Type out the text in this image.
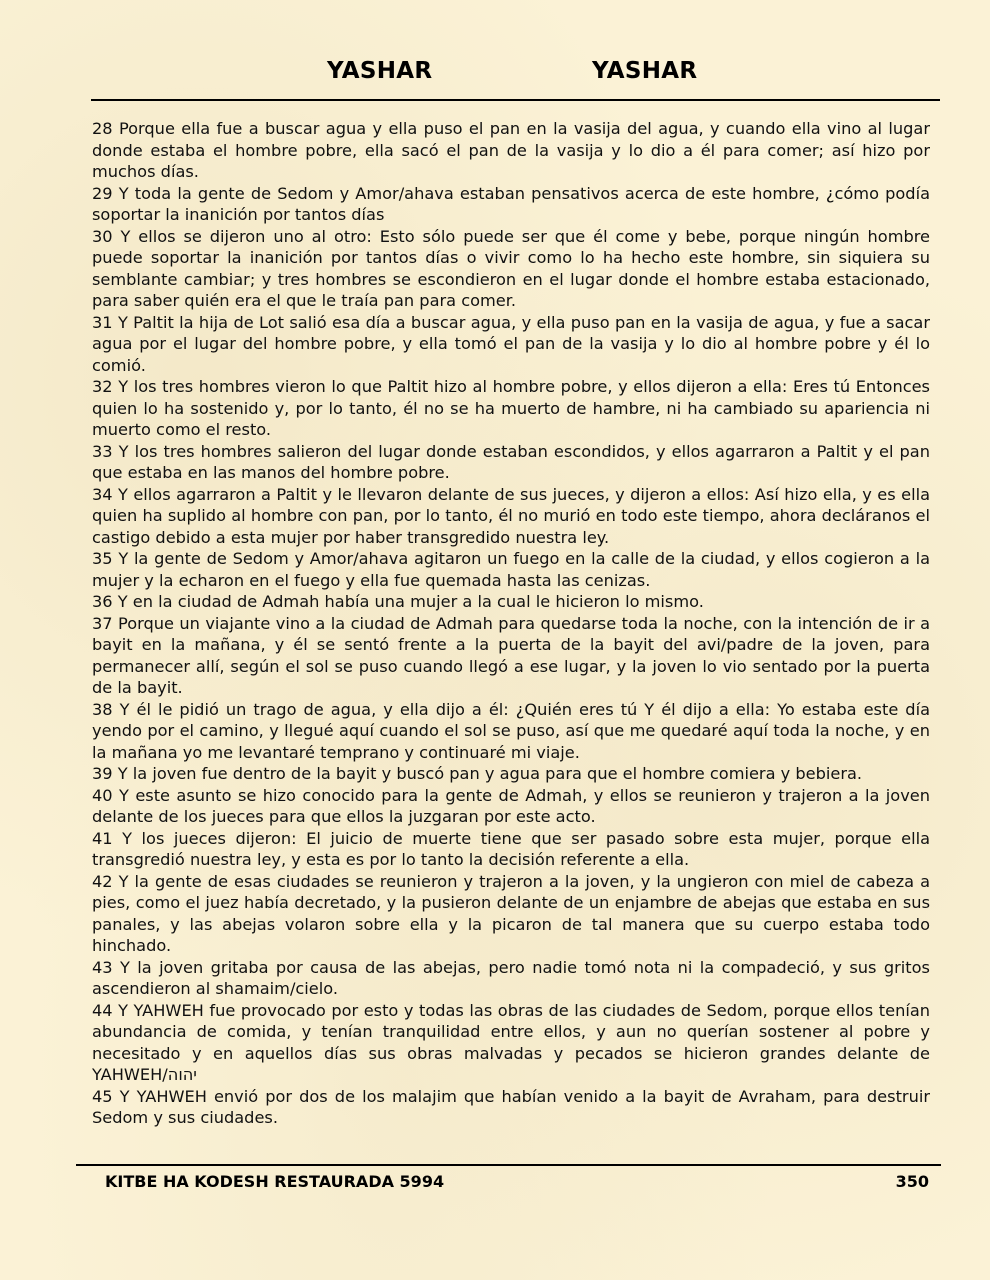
YASHAR	YASHAR

28 Porque ella fue a buscar agua y ella puso el pan en la vasija del agua, y cuando ella vino al lugar donde estaba el hombre pobre, ella sacó el pan de la vasija y lo dio a él para comer; así hizo por muchos días.

29 Y toda la gente de Sedom y Amor/ahava estaban pensativos acerca de este hombre, ¿cómo podía soportar la inanición por tantos días

30 Y ellos se dijeron uno al otro: Esto sólo puede ser que él come y bebe, porque ningún hombre puede soportar la inanición por tantos días o vivir como lo ha hecho este hombre, sin siquiera su semblante cambiar; y tres hombres se escondieron en el lugar donde el hombre estaba estacionado, para saber quién era el que le traía pan para comer.

31 Y Paltit la hija de Lot salió esa día a buscar agua, y ella puso pan en la vasija de agua, y fue a sacar agua por el lugar del hombre pobre, y ella tomó el pan de la vasija y lo dio al hombre pobre y él lo comió.

32 Y los tres hombres vieron lo que Paltit hizo al hombre pobre, y ellos dijeron a ella: Eres tú Entonces quien lo ha sostenido y, por lo tanto, él no se ha muerto de hambre, ni ha cambiado su apariencia ni muerto como el resto.

33 Y los tres hombres salieron del lugar donde estaban escondidos, y ellos agarraron a Paltit y el pan que estaba en las manos del hombre pobre.

34 Y ellos agarraron a Paltit y le llevaron delante de sus jueces, y dijeron a ellos: Así hizo ella, y es ella quien ha suplido al hombre con pan, por lo tanto, él no murió en todo este tiempo, ahora decláranos el castigo debido a esta mujer por haber transgredido nuestra ley.

35 Y la gente de Sedom y Amor/ahava agitaron un fuego en la calle de la ciudad, y ellos cogieron a la mujer y la echaron en el fuego y ella fue quemada hasta las cenizas.

36 Y en la ciudad de Admah había una mujer a la cual le hicieron lo mismo.

37 Porque un viajante vino a la ciudad de Admah para quedarse toda la noche, con la intención de ir a bayit en la mañana, y él se sentó frente a la puerta de la bayit del avi/padre de la joven, para permanecer allí, según el sol se puso cuando llegó a ese lugar, y la joven lo vio sentado por la puerta de la bayit.

38 Y él le pidió un trago de agua, y ella dijo a él: ¿Quién eres tú Y él dijo a ella: Yo estaba este día yendo por el camino, y llegué aquí cuando el sol se puso, así que me quedaré aquí toda la noche, y en la mañana yo me levantaré temprano y continuaré mi viaje.

39 Y la joven fue dentro de la bayit y buscó pan y agua para que el hombre comiera y bebiera.

40 Y este asunto se hizo conocido para la gente de Admah, y ellos se reunieron y trajeron a la joven delante de los jueces para que ellos la juzgaran por este acto.

41 Y los jueces dijeron: El juicio de muerte tiene que ser pasado sobre esta mujer, porque ella transgredió nuestra ley, y esta es por lo tanto la decisión referente a ella.

42 Y la gente de esas ciudades se reunieron y trajeron a la joven, y la ungieron con miel de cabeza a pies, como el juez había decretado, y la pusieron delante de un enjambre de abejas que estaba en sus panales, y las abejas volaron sobre ella y la picaron de tal manera que su cuerpo estaba todo hinchado.

43 Y la joven gritaba por causa de las abejas, pero nadie tomó nota ni la compadeció, y sus gritos ascendieron al shamaim/cielo.

44 Y YAHWEH fue provocado por esto y todas las obras de las ciudades de Sedom, porque ellos tenían abundancia de comida, y tenían tranquilidad entre ellos, y aun no querían sostener al pobre y necesitado y en aquellos días sus obras malvadas y pecados se hicieron grandes delante de YAHWEH/יהוה

45 Y YAHWEH envió por dos de los malajim que habían venido a la bayit de Avraham, para destruir Sedom y sus ciudades.

KITBE HA KODESH RESTAURADA 5994	350
